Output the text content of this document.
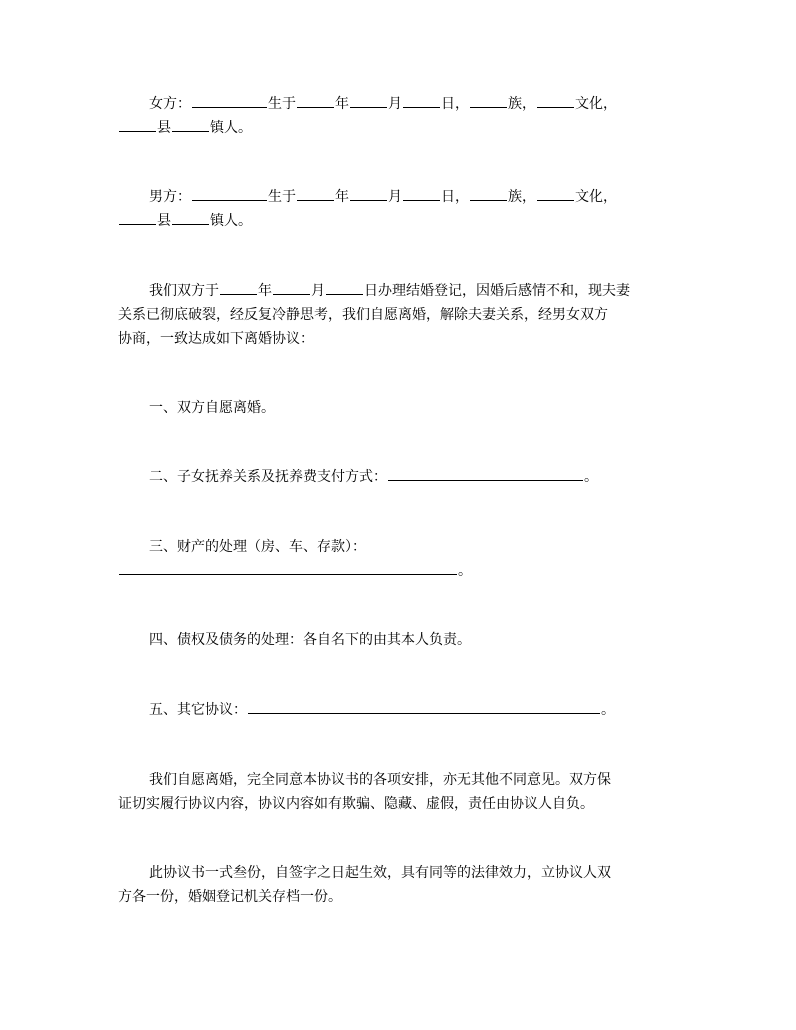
女方：	生于	年	月	日，	族，	文化，
县	镇人。
男方：	生于	年	月	日，	族，	文化，
县	镇人。
我们双方于	年	月	日办理结婚登记，因婚后感情不和，现夫妻
关系已彻底破裂，经反复冷静思考，我们自愿离婚，解除夫妻关系，经男女双方
协商，一致达成如下离婚协议：
一、双方自愿离婚。
二、子女抚养关系及抚养费支付方式：	。
三、财产的处理（房、车、存款）：
。
四、债权及债务的处理：各自名下的由其本人负责。
五、其它协议：	。
我们自愿离婚，完全同意本协议书的各项安排，亦无其他不同意见。双方保
证切实履行协议内容，协议内容如有欺骗、隐藏、虚假，责任由协议人自负。
此协议书一式叁份，自签字之日起生效，具有同等的法律效力，立协议人双
方各一份，婚姻登记机关存档一份。
